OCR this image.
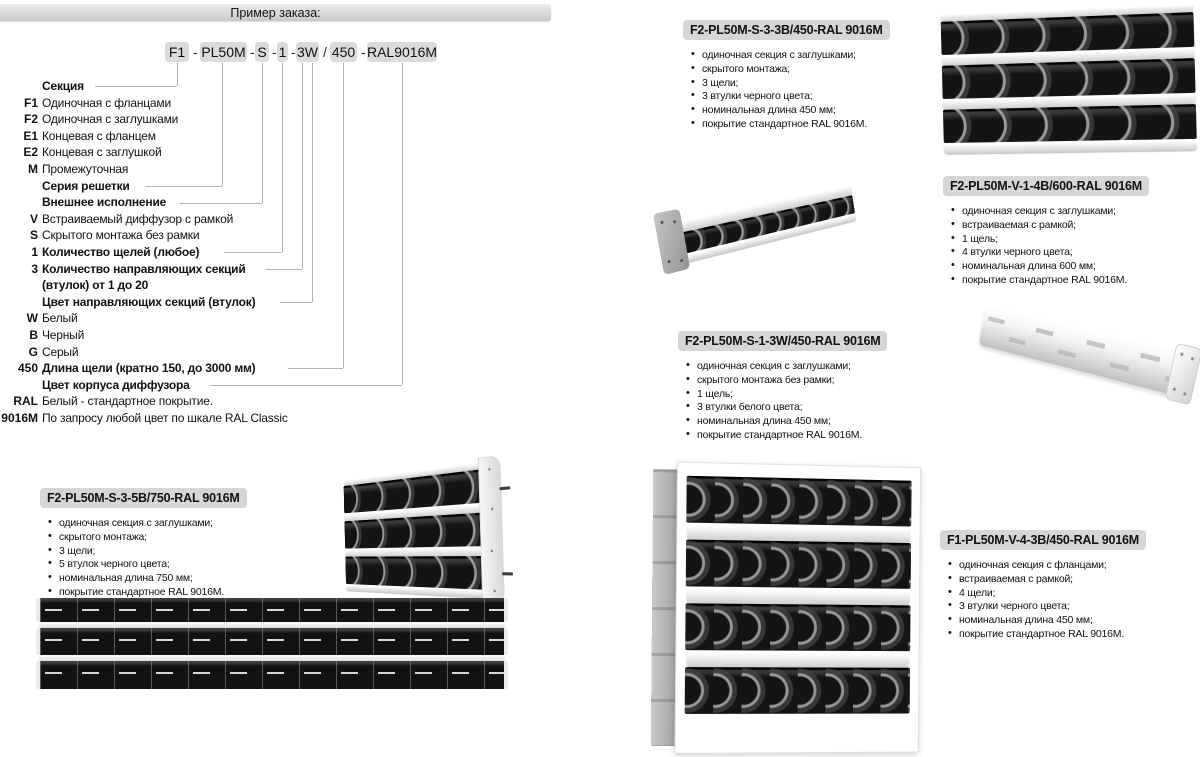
Пример заказа:
F1 - PL50M - S - 1 - 3W / 450 - RAL9016M
Секция
F1 Одиночная с фланцами
F2 Одиночная с заглушками
E1 Концевая с фланцем
E2 Концевая с заглушкой
M Промежуточная
Серия решетки
Внешнее исполнение
V Встраиваемый диффузор с рамкой
S Скрытого монтажа без рамки
1 Количество щелей (любое)
3 Количество направляющих секций
(втулок) от 1 до 20
Цвет направляющих секций (втулок)
W Белый
B Черный
G Серый
450 Длина щели (кратно 150, до 3000 мм)
Цвет корпуса диффузора
RAL Белый - стандартное покрытие.
9016M По запросу любой цвет по шкале RAL Classic
F2-PL50M-S-3-3B/450-RAL 9016M
• одиночная секция с заглушками;
• скрытого монтажа;
• 3 щели;
• 3 втулки черного цвета;
• номинальная длина 450 мм;
• покрытие стандартное RAL 9016M.
F2-PL50M-V-1-4B/600-RAL 9016M
• одиночная секция с заглушками;
• встраиваемая с рамкой;
• 1 щель;
• 4 втулки черного цвета;
• номинальная длина 600 мм;
• покрытие стандартное RAL 9016M.
F2-PL50M-S-1-3W/450-RAL 9016M
• одиночная секция с заглушками;
• скрытого монтажа без рамки;
• 1 щель;
• 3 втулки белого цвета;
• номинальная длина 450 мм;
• покрытие стандартное RAL 9016M.
F1-PL50M-V-4-3B/450-RAL 9016M
• одиночная секция с фланцами;
• встраиваемая с рамкой;
• 4 щели;
• 3 втулки черного цвета;
• номинальная длина 450 мм;
• покрытие стандартное RAL 9016M.
F2-PL50M-S-3-5B/750-RAL 9016M
• одиночная секция с заглушками;
• скрытого монтажа;
• 3 щели;
• 5 втулок черного цвета;
• номинальная длина 750 мм;
• покрытие стандартное RAL 9016M.
